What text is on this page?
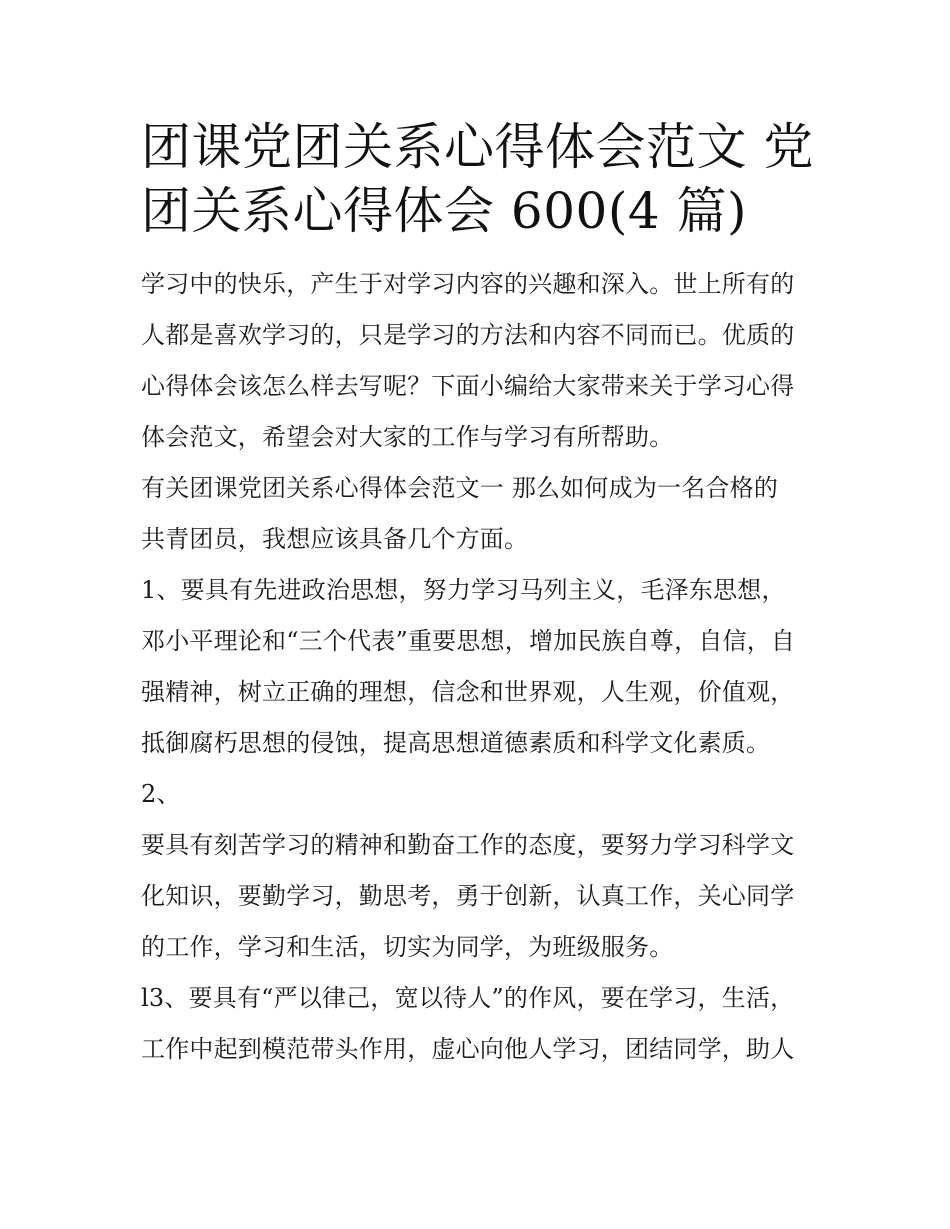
团课党团关系心得体会范文 党
团关系心得体会 600(4 篇)
学习中的快乐，产生于对学习内容的兴趣和深入。世上所有的
人都是喜欢学习的，只是学习的方法和内容不同而已。优质的
心得体会该怎么样去写呢？下面小编给大家带来关于学习心得
体会范文，希望会对大家的工作与学习有所帮助。
有关团课党团关系心得体会范文一 那么如何成为一名合格的
共青团员，我想应该具备几个方面。
1、要具有先进政治思想，努力学习马列主义，毛泽东思想，
邓小平理论和“三个代表”重要思想，增加民族自尊，自信，自
强精神，树立正确的理想，信念和世界观，人生观，价值观，
抵御腐朽思想的侵蚀，提高思想道德素质和科学文化素质。
2、
要具有刻苦学习的精神和勤奋工作的态度，要努力学习科学文
化知识，要勤学习，勤思考，勇于创新，认真工作，关心同学
的工作，学习和生活，切实为同学，为班级服务。
l3、要具有“严以律己，宽以待人”的作风，要在学习，生活，
工作中起到模范带头作用，虚心向他人学习，团结同学，助人
